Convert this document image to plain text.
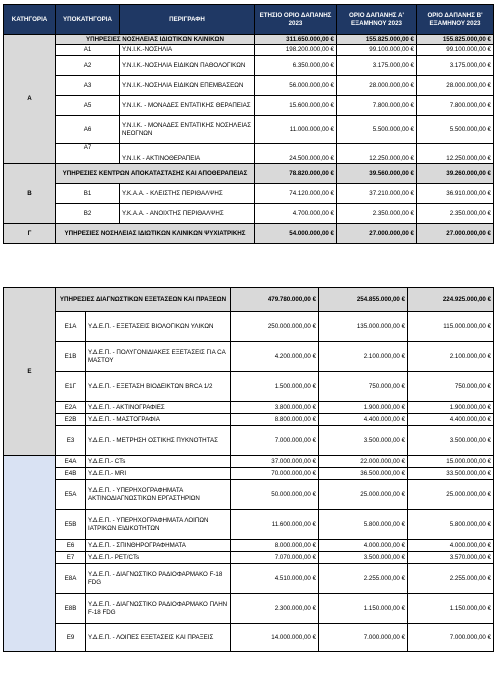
ΚΑΤΗΓΟΡΙΑ	ΥΠΟΚΑΤΗΓΟΡΙΑ	ΠΕΡΙΓΡΑΦΗ	ΕΤΗΣΙΟ ΟΡΙΟ ΔΑΠΑΝΗΣ 2023	ΟΡΙΟ ΔΑΠΑΝΗΣ Α' ΕΞΑΜΗΝΟΥ 2023	ΟΡΙΟ ΔΑΠΑΝΗΣ Β' ΕΞΑΜΗΝΟΥ 2023
Α	ΥΠΗΡΕΣΙΕΣ ΝΟΣΗΛΕΙΑΣ ΙΔΙΩΤΙΚΩΝ ΚΛΙΝΙΚΩΝ		311.650.000,00 €	155.825.000,00 €	155.825.000,00 €
	Α1	Υ.Ν.Ι.Κ.-ΝΟΣΗΛΙΑ	198.200.000,00 €	99.100.000,00 €	99.100.000,00 €
	Α2	Υ.Ν.Ι.Κ.-ΝΟΣΗΛΙΑ ΕΙΔΙΚΩΝ ΠΑΘΟΛΟΓΙΚΩΝ	6.350.000,00 €	3.175.000,00 €	3.175.000,00 €
	Α3	Υ.Ν.Ι.Κ.-ΝΟΣΗΛΙΑ ΕΙΔΙΚΩΝ ΕΠΕΜΒΑΣΕΩΝ	56.000.000,00 €	28.000.000,00 €	28.000.000,00 €
	Α5	Υ.Ν.Ι.Κ. - ΜΟΝΑΔΕΣ ΕΝΤΑΤΙΚΗΣ ΘΕΡΑΠΕΙΑΣ	15.600.000,00 €	7.800.000,00 €	7.800.000,00 €
	Α6	Υ.Ν.Ι.Κ. - ΜΟΝΑΔΕΣ ΕΝΤΑΤΙΚΗΣ ΝΟΣΗΛΕΙΑΣ ΝΕΟΓΝΩΝ	11.000.000,00 €	5.500.000,00 €	5.500.000,00 €
	Α7	Υ.Ν.Ι.Κ - ΑΚΤΙΝΟΘΕΡΑΠΕΙΑ	24.500.000,00 €	12.250.000,00 €	12.250.000,00 €
Β	ΥΠΗΡΕΣΙΕΣ ΚΕΝΤΡΩΝ ΑΠΟΚΑΤΑΣΤΑΣΗΣ ΚΑΙ ΑΠΟΘΕΡΑΠΕΙΑΣ		78.820.000,00 €	39.560.000,00 €	39.260.000,00 €
	Β1	Υ.Κ.Α.Α. - ΚΛΕΙΣΤΗΣ ΠΕΡΙΘΑΛΨΗΣ	74.120.000,00 €	37.210.000,00 €	36.910.000,00 €
	Β2	Υ.Κ.Α.Α. - ΑΝΟΙΧΤΗΣ ΠΕΡΙΘΑΛΨΗΣ	4.700.000,00 €	2.350.000,00 €	2.350.000,00 €
Γ	ΥΠΗΡΕΣΙΕΣ ΝΟΣΗΛΕΙΑΣ ΙΔΙΩΤΙΚΩΝ ΚΛΙΝΙΚΩΝ ΨΥΧΙΑΤΡΙΚΗΣ		54.000.000,00 €	27.000.000,00 €	27.000.000,00 €
Ε	ΥΠΗΡΕΣΙΕΣ ΔΙΑΓΝΩΣΤΙΚΩΝ ΕΞΕΤΑΣΕΩΝ ΚΑΙ ΠΡΑΞΕΩΝ		479.780.000,00 €	254.855.000,00 €	224.925.000,00 €
	Ε1Α	Υ.Δ.Ε.Π. - ΕΞΕΤΑΣΕΙΣ ΒΙΟΛΟΓΙΚΩΝ ΥΛΙΚΩΝ	250.000.000,00 €	135.000.000,00 €	115.000.000,00 €
	Ε1Β	Υ.Δ.Ε.Π. - ΠΟΛΥΓΟΝΙΔΙΑΚΕΣ ΕΞΕΤΑΣΕΙΣ ΓΙΑ CA ΜΑΣΤΟΥ	4.200.000,00 €	2.100.000,00 €	2.100.000,00 €
	Ε1Γ	Υ.Δ.Ε.Π. - ΕΞΕΤΑΣΗ ΒΙΟΔΕΙΚΤΩΝ BRCA 1/2	1.500.000,00 €	750.000,00 €	750.000,00 €
	Ε2Α	Υ.Δ.Ε.Π. - ΑΚΤΙΝΟΓΡΑΦΙΕΣ	3.800.000,00 €	1.900.000,00 €	1.900.000,00 €
	Ε2Β	Υ.Δ.Ε.Π. - ΜΑΣΤΟΓΡΑΦΙΑ	8.800.000,00 €	4.400.000,00 €	4.400.000,00 €
	Ε3	Υ.Δ.Ε.Π. - ΜΕΤΡΗΣΗ ΟΣΤΙΚΗΣ ΠΥΚΝΟΤΗΤΑΣ	7.000.000,00 €	3.500.000,00 €	3.500.000,00 €
	Ε4Α	Υ.Δ.Ε.Π.- CTs	37.000.000,00 €	22.000.000,00 €	15.000.000,00 €
	Ε4Β	Υ.Δ.Ε.Π.- MRI	70.000.000,00 €	36.500.000,00 €	33.500.000,00 €
	Ε5Α	Υ.Δ.Ε.Π. - ΥΠΕΡΗΧΟΓΡΑΦΗΜΑΤΑ ΑΚΤΙΝΟΔΙΑΓΝΩΣΤΙΚΩΝ ΕΡΓΑΣΤΗΡΙΩΝ	50.000.000,00 €	25.000.000,00 €	25.000.000,00 €
	Ε5Β	Υ.Δ.Ε.Π. - ΥΠΕΡΗΧΟΓΡΑΦΗΜΑΤΑ ΛΟΙΠΩΝ ΙΑΤΡΙΚΩΝ ΕΙΔΙΚΟΤΗΤΩΝ	11.600.000,00 €	5.800.000,00 €	5.800.000,00 €
	Ε6	Υ.Δ.Ε.Π. - ΣΠΙΝΘΗΡΟΓΡΑΦΗΜΑΤΑ	8.000.000,00 €	4.000.000,00 €	4.000.000,00 €
	Ε7	Υ.Δ.Ε.Π.- PET/CTs	7.070.000,00 €	3.500.000,00 €	3.570.000,00 €
	Ε8Α	Υ.Δ.Ε.Π. - ΔΙΑΓΝΩΣΤΙΚΟ ΡΑΔΙΟΦΑΡΜΑΚΟ F-18 FDG	4.510.000,00 €	2.255.000,00 €	2.255.000,00 €
	Ε8Β	Υ.Δ.Ε.Π. - ΔΙΑΓΝΩΣΤΙΚΟ ΡΑΔΙΟΦΑΡΜΑΚΟ ΠΛΗΝ F-18 FDG	2.300.000,00 €	1.150.000,00 €	1.150.000,00 €
	Ε9	Υ.Δ.Ε.Π. - ΛΟΙΠΕΣ ΕΞΕΤΑΣΕΙΣ ΚΑΙ ΠΡΑΞΕΙΣ	14.000.000,00 €	7.000.000,00 €	7.000.000,00 €
